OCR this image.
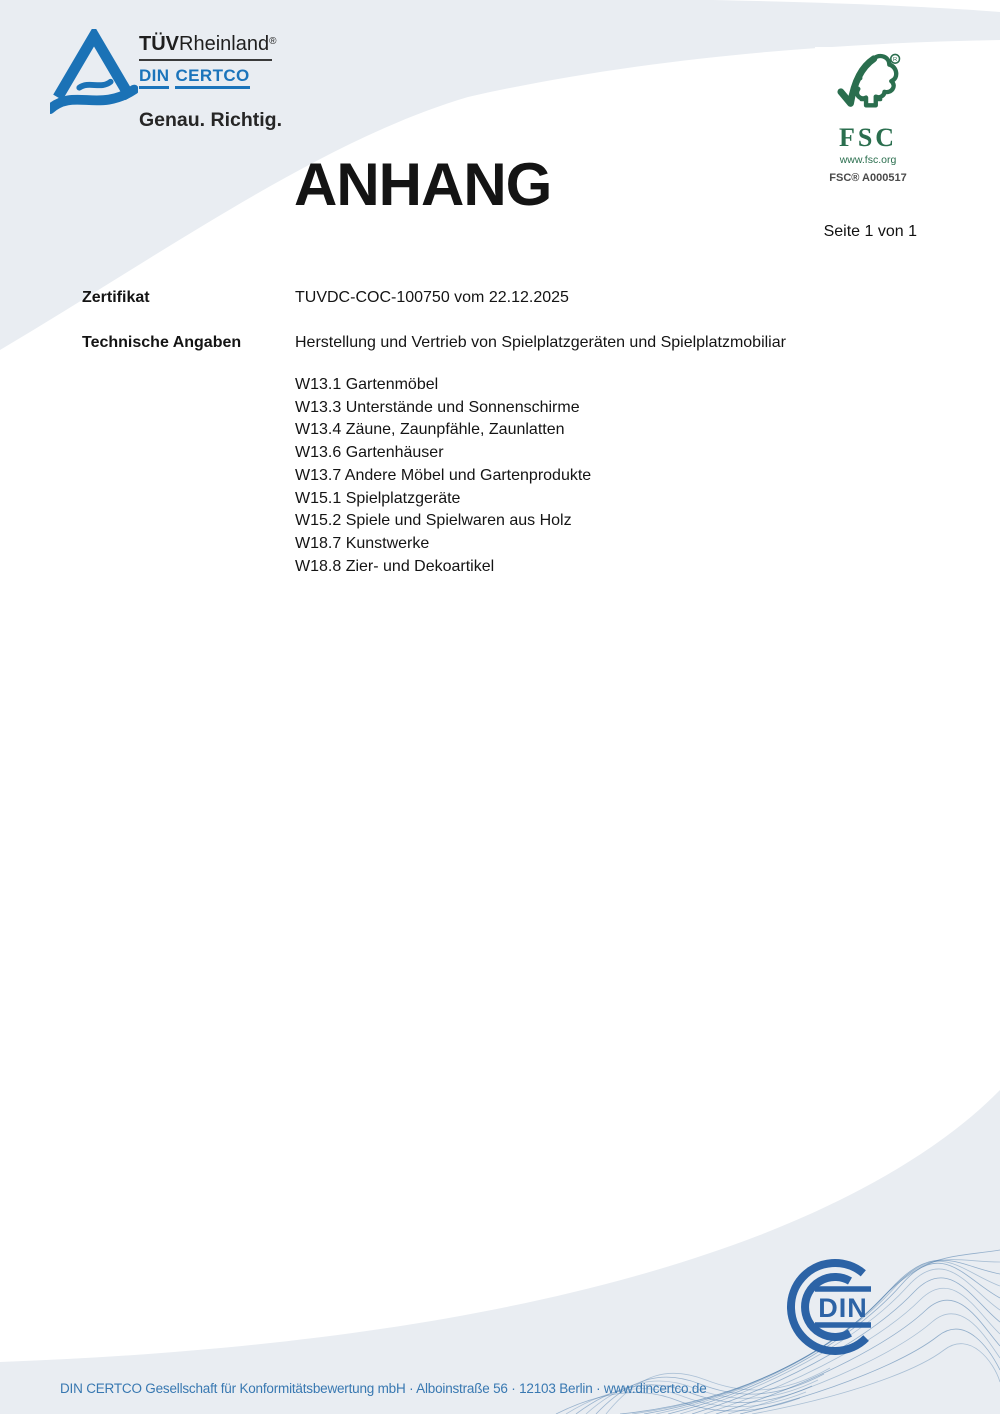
TÜVRheinland®
DIN CERTCO
Genau. Richtig.
R
FSC
www.fsc.org
FSC® A000517
ANHANG
Seite 1 von 1
Zertifikat	TUVDC-COC-100750 vom 22.12.2025
Technische Angaben	Herstellung und Vertrieb von Spielplatzgeräten und Spielplatzmobiliar
W13.1 Gartenmöbel
W13.3 Unterstände und Sonnenschirme
W13.4 Zäune, Zaunpfähle, Zaunlatten
W13.6 Gartenhäuser
W13.7 Andere Möbel und Gartenprodukte
W15.1 Spielplatzgeräte
W15.2 Spiele und Spielwaren aus Holz
W18.7 Kunstwerke
W18.8 Zier- und Dekoartikel
DIN
DIN CERTCO Gesellschaft für Konformitätsbewertung mbH · Alboinstraße 56 · 12103 Berlin · www.dincertco.de
